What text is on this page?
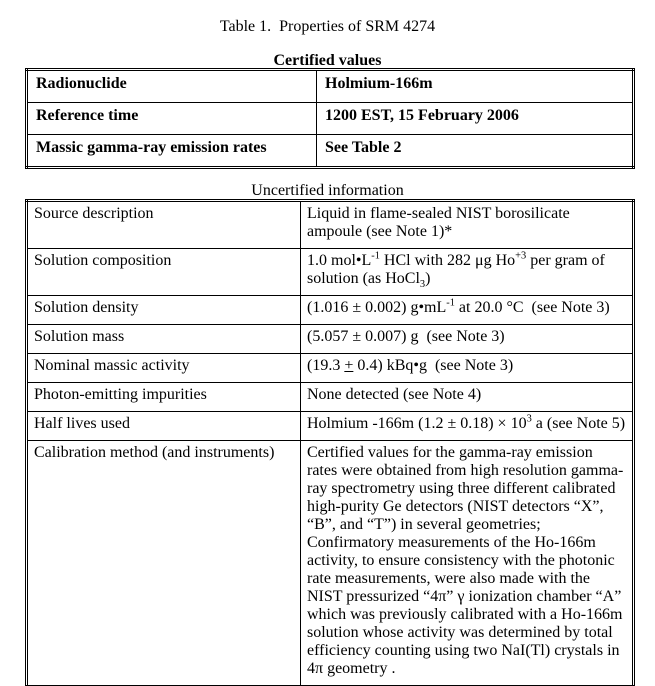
Table 1.  Properties of SRM 4274
Certified values
Radionuclide	Holmium-166m
Reference time	1200 EST, 15 February 2006
Massic gamma-ray emission rates	See Table 2
Uncertified information
Source description	Liquid in flame-sealed NIST borosilicate
ampoule (see Note 1)*
Solution composition	1.0 $mol•L^{-1}$ HCl with 282 μg $Ho^{+3}$ per gram of
solution (as HoCl$_3$)
Solution density	(1.016 ± 0.002) $g•mL^{-1}$ at 20.0 °C  (see Note 3)
Solution mass	(5.057 ± 0.007) g  (see Note 3)
Nominal massic activity	(19.3 + 0.4) kBq•g  (see Note 3)
Photon-emitting impurities	None detected (see Note 4)
Half lives used	Holmium -166m $(1.2 \pm 0.18) \times 10^3$ a (see Note 5)
Calibration method (and instruments)	Certified values for the gamma-ray emission
rates were obtained from high resolution gamma-
ray spectrometry using three different calibrated
high-purity Ge detectors (NIST detectors “X”,
“B”, and “T”) in several geometries;
Confirmatory measurements of the Ho-166m
activity, to ensure consistency with the photonic
rate measurements, were also made with the
NIST pressurized “4π” γ ionization chamber “A”
which was previously calibrated with a Ho-166m
solution whose activity was determined by total
efficiency counting using two NaI(Tl) crystals in
4π geometry .
